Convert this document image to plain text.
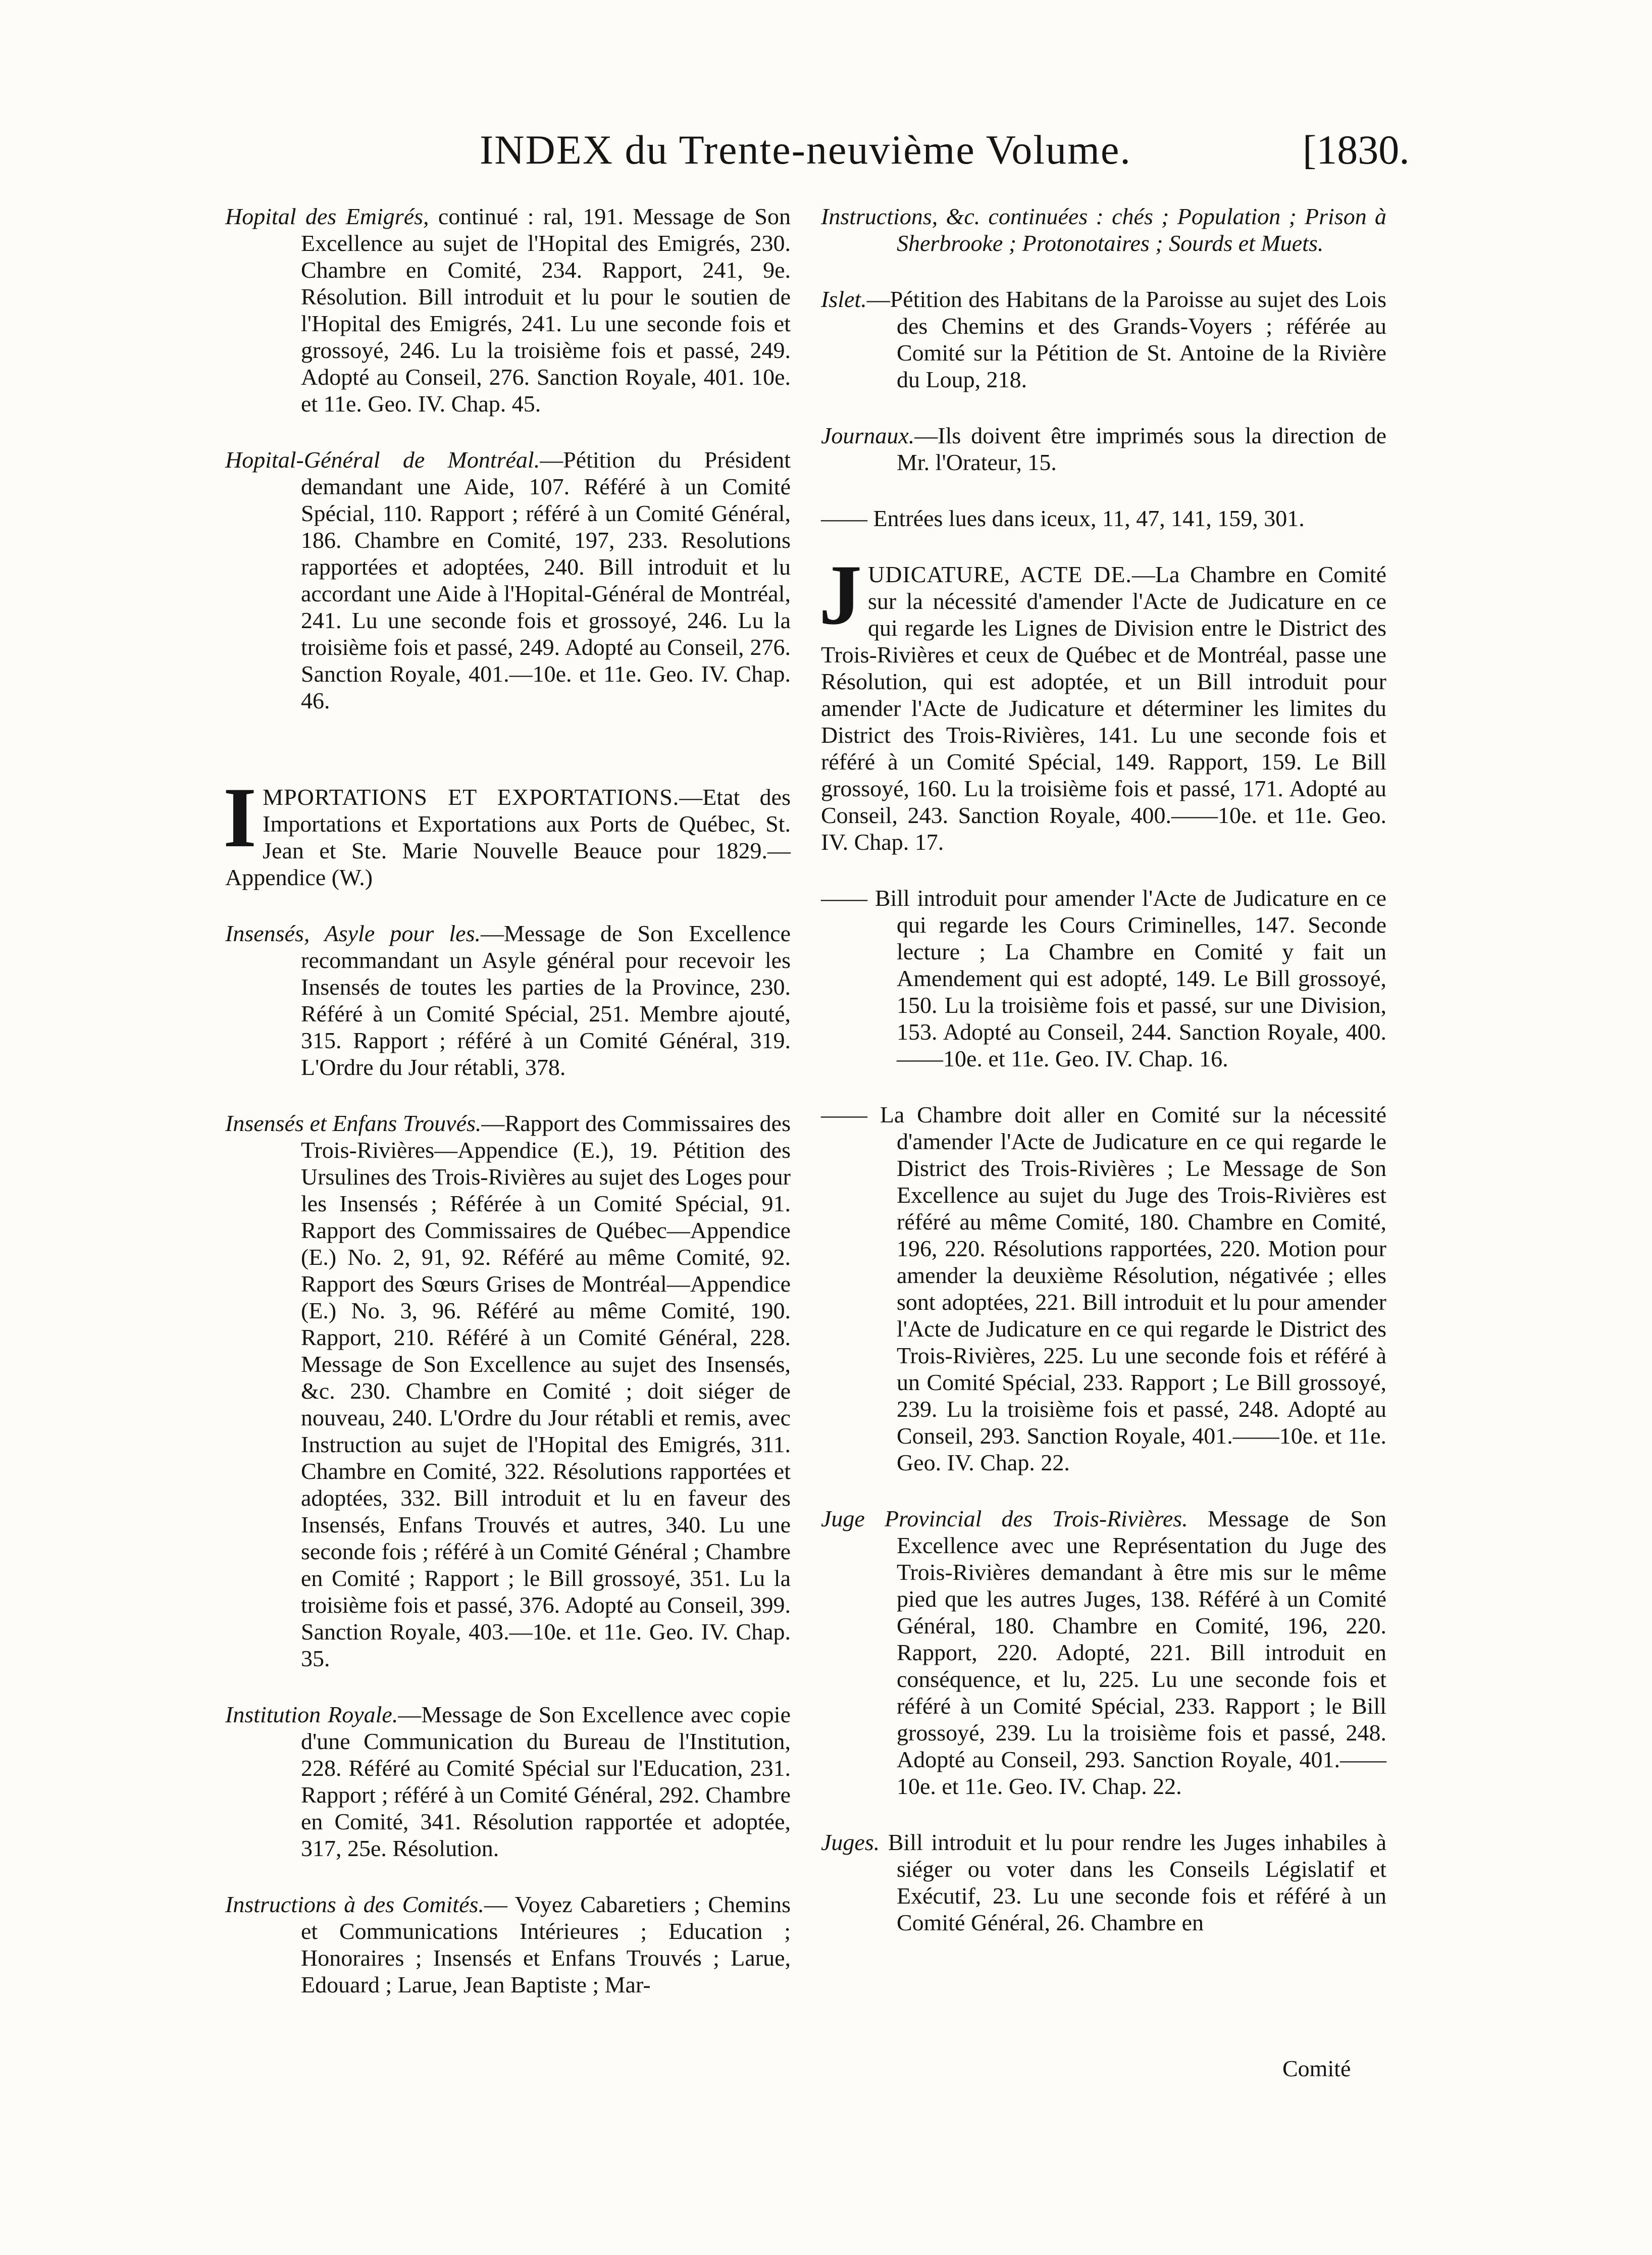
INDEX du Trente-neuvième Volume.	[1830.

Hopital des Emigrés, continué : ral, 191. Message de Son Excellence au sujet de l'Hopital des Emigrés, 230. Chambre en Comité, 234. Rapport, 241, 9e. Résolution. Bill introduit et lu pour le soutien de l'Hopital des Emigrés, 241. Lu une seconde fois et grossoyé, 246. Lu la troisième fois et passé, 249. Adopté au Conseil, 276. Sanction Royale, 401. 10e. et 11e. Geo. IV. Chap. 45.

Hopital-Général de Montréal.—Pétition du Président demandant une Aide, 107. Référé à un Comité Spécial, 110. Rapport ; référé à un Comité Général, 186. Chambre en Comité, 197, 233. Resolutions rapportées et adoptées, 240. Bill introduit et lu accordant une Aide à l'Hopital-Général de Montréal, 241. Lu une seconde fois et grossoyé, 246. Lu la troisième fois et passé, 249. Adopté au Conseil, 276. Sanction Royale, 401.—10e. et 11e. Geo. IV. Chap. 46.

I MPORTATIONS ET EXPORTATIONS.—Etat des Importations et Exportations aux Ports de Québec, St. Jean et Ste. Marie Nouvelle Beauce pour 1829.—Appendice (W.)

Insensés, Asyle pour les.—Message de Son Excellence recommandant un Asyle général pour recevoir les Insensés de toutes les parties de la Province, 230. Référé à un Comité Spécial, 251. Membre ajouté, 315. Rapport ; référé à un Comité Général, 319. L'Ordre du Jour rétabli, 378.

Insensés et Enfans Trouvés.—Rapport des Commissaires des Trois-Rivières—Appendice (E.), 19. Pétition des Ursulines des Trois-Rivières au sujet des Loges pour les Insensés ; Référée à un Comité Spécial, 91. Rapport des Commissaires de Québec—Appendice (E.) No. 2, 91, 92. Référé au même Comité, 92. Rapport des Sœurs Grises de Montréal—Appendice (E.) No. 3, 96. Référé au même Comité, 190. Rapport, 210. Référé à un Comité Général, 228. Message de Son Excellence au sujet des Insensés, &c. 230. Chambre en Comité ; doit siéger de nouveau, 240. L'Ordre du Jour rétabli et remis, avec Instruction au sujet de l'Hopital des Emigrés, 311. Chambre en Comité, 322. Résolutions rapportées et adoptées, 332. Bill introduit et lu en faveur des Insensés, Enfans Trouvés et autres, 340. Lu une seconde fois ; référé à un Comité Général ; Chambre en Comité ; Rapport ; le Bill grossoyé, 351. Lu la troisième fois et passé, 376. Adopté au Conseil, 399. Sanction Royale, 403.—10e. et 11e. Geo. IV. Chap. 35.

Institution Royale.—Message de Son Excellence avec copie d'une Communication du Bureau de l'Institution, 228. Référé au Comité Spécial sur l'Education, 231. Rapport ; référé à un Comité Général, 292. Chambre en Comité, 341. Résolution rapportée et adoptée, 317, 25e. Résolution.

Instructions à des Comités.— Voyez Cabaretiers ; Chemins et Communications Intérieures ; Education ; Honoraires ; Insensés et Enfans Trouvés ; Larue, Edouard ; Larue, Jean Baptiste ; Mar-

Instructions, &c. continuées : chés ; Population ; Prison à Sherbrooke ; Protonotaires ; Sourds et Muets.

Islet.—Pétition des Habitans de la Paroisse au sujet des Lois des Chemins et des Grands-Voyers ; référée au Comité sur la Pétition de St. Antoine de la Rivière du Loup, 218.

Journaux.—Ils doivent être imprimés sous la direction de Mr. l'Orateur, 15.

—— Entrées lues dans iceux, 11, 47, 141, 159, 301.

J UDICATURE, ACTE DE.—La Chambre en Comité sur la nécessité d'amender l'Acte de Judicature en ce qui regarde les Lignes de Division entre le District des Trois-Rivières et ceux de Québec et de Montréal, passe une Résolution, qui est adoptée, et un Bill introduit pour amender l'Acte de Judicature et déterminer les limites du District des Trois-Rivières, 141. Lu une seconde fois et référé à un Comité Spécial, 149. Rapport, 159. Le Bill grossoyé, 160. Lu la troisième fois et passé, 171. Adopté au Conseil, 243. Sanction Royale, 400.——10e. et 11e. Geo. IV. Chap. 17.

—— Bill introduit pour amender l'Acte de Judicature en ce qui regarde les Cours Criminelles, 147. Seconde lecture ; La Chambre en Comité y fait un Amendement qui est adopté, 149. Le Bill grossoyé, 150. Lu la troisième fois et passé, sur une Division, 153. Adopté au Conseil, 244. Sanction Royale, 400.——10e. et 11e. Geo. IV. Chap. 16.

—— La Chambre doit aller en Comité sur la nécessité d'amender l'Acte de Judicature en ce qui regarde le District des Trois-Rivières ; Le Message de Son Excellence au sujet du Juge des Trois-Rivières est référé au même Comité, 180. Chambre en Comité, 196, 220. Résolutions rapportées, 220. Motion pour amender la deuxième Résolution, négativée ; elles sont adoptées, 221. Bill introduit et lu pour amender l'Acte de Judicature en ce qui regarde le District des Trois-Rivières, 225. Lu une seconde fois et référé à un Comité Spécial, 233. Rapport ; Le Bill grossoyé, 239. Lu la troisième fois et passé, 248. Adopté au Conseil, 293. Sanction Royale, 401.——10e. et 11e. Geo. IV. Chap. 22.

Juge Provincial des Trois-Rivières. Message de Son Excellence avec une Représentation du Juge des Trois-Rivières demandant à être mis sur le même pied que les autres Juges, 138. Référé à un Comité Général, 180. Chambre en Comité, 196, 220. Rapport, 220. Adopté, 221. Bill introduit en conséquence, et lu, 225. Lu une seconde fois et référé à un Comité Spécial, 233. Rapport ; le Bill grossoyé, 239. Lu la troisième fois et passé, 248. Adopté au Conseil, 293. Sanction Royale, 401.——10e. et 11e. Geo. IV. Chap. 22.

Juges. Bill introduit et lu pour rendre les Juges inhabiles à siéger ou voter dans les Conseils Législatif et Exécutif, 23. Lu une seconde fois et référé à un Comité Général, 26. Chambre en

Comité
